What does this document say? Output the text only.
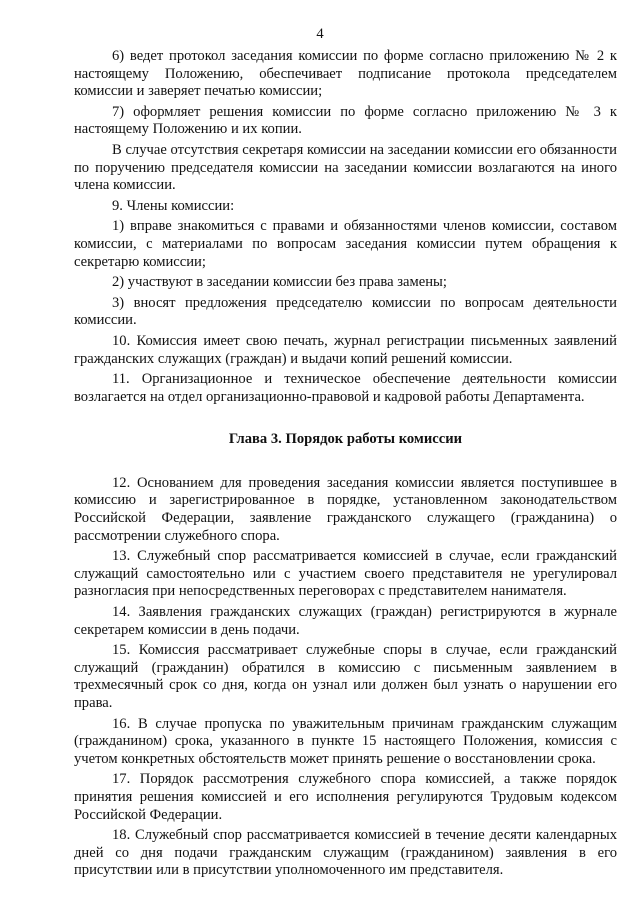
4

6) ведет протокол заседания комиссии по форме согласно приложению № 2 к настоящему Положению, обеспечивает подписание протокола председателем комиссии и заверяет печатью комиссии;

7) оформляет решения комиссии по форме согласно приложению № 3 к настоящему Положению и их копии.

В случае отсутствия секретаря комиссии на заседании комиссии его обязанности по поручению председателя комиссии на заседании комиссии возлагаются на иного члена комиссии.

9. Члены комиссии:

1) вправе знакомиться с правами и обязанностями членов комиссии, составом комиссии, с материалами по вопросам заседания комиссии путем обращения к секретарю комиссии;

2) участвуют в заседании комиссии без права замены;

3) вносят предложения председателю комиссии по вопросам деятельности комиссии.

10. Комиссия имеет свою печать, журнал регистрации письменных заявлений гражданских служащих (граждан) и выдачи копий решений комиссии.

11. Организационное и техническое обеспечение деятельности комиссии возлагается на отдел организационно-правовой и кадровой работы Департамента.

Глава 3. Порядок работы комиссии

12. Основанием для проведения заседания комиссии является поступившее в комиссию и зарегистрированное в порядке, установленном законодательством Российской Федерации, заявление гражданского служащего (гражданина) о рассмотрении служебного спора.

13. Служебный спор рассматривается комиссией в случае, если гражданский служащий самостоятельно или с участием своего представителя не урегулировал разногласия при непосредственных переговорах с представителем нанимателя.

14. Заявления гражданских служащих (граждан) регистрируются в журнале секретарем комиссии в день подачи.

15. Комиссия рассматривает служебные споры в случае, если гражданский служащий (гражданин) обратился в комиссию с письменным заявлением в трехмесячный срок со дня, когда он узнал или должен был узнать о нарушении его права.

16. В случае пропуска по уважительным причинам гражданским служащим (гражданином) срока, указанного в пункте 15 настоящего Положения, комиссия с учетом конкретных обстоятельств может принять решение о восстановлении срока.

17. Порядок рассмотрения служебного спора комиссией, а также порядок принятия решения комиссией и его исполнения регулируются Трудовым кодексом Российской Федерации.

18. Служебный спор рассматривается комиссией в течение десяти календарных дней со дня подачи гражданским служащим (гражданином) заявления в его присутствии или в присутствии уполномоченного им представителя.
